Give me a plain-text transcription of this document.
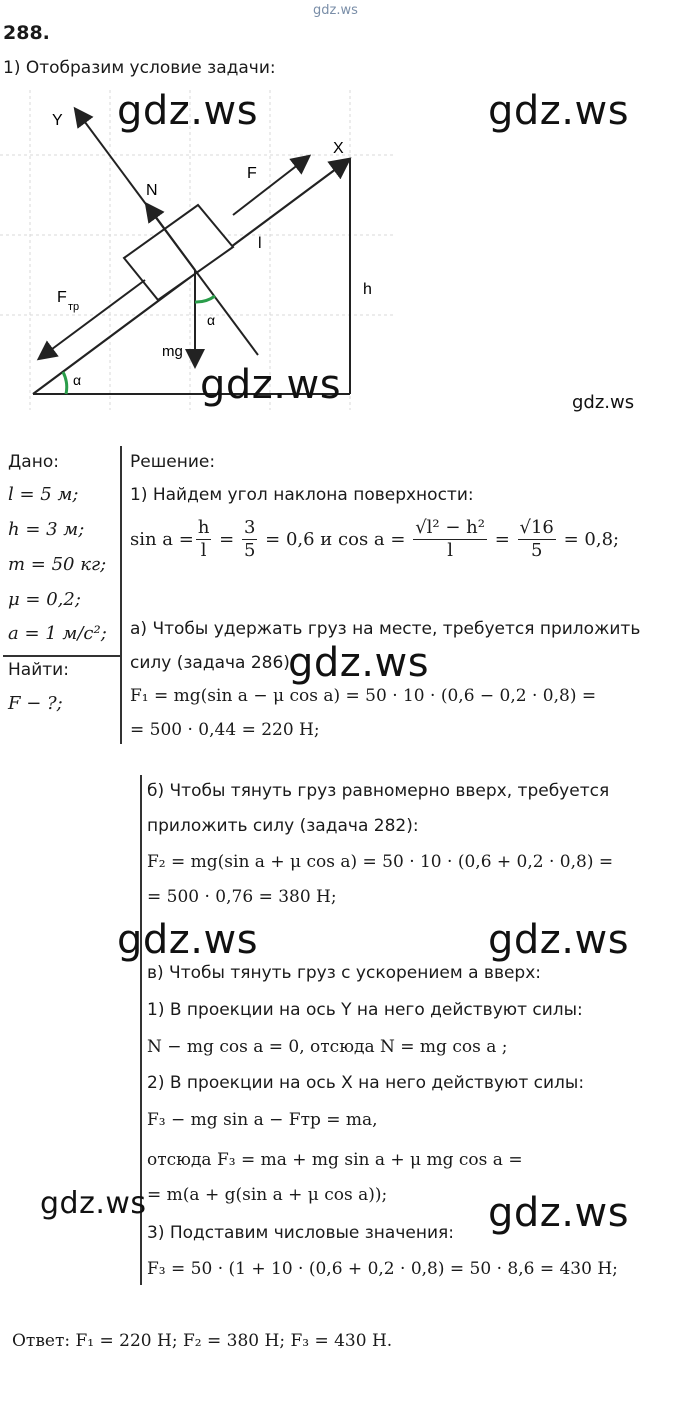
gdz.ws
288.
1) Отобразим условие задачи:
Y
X
N
F
l
h
F
тр
mg
α
α
gdz.ws	gdz.ws
gdz.ws	gdz.ws
Дано:
l = 5 м;
h = 3 м;
m = 50 кг;
μ = 0,2;
a = 1 м/с²;
Найти:
F − ?;
Решение:
1) Найдем угол наклона поверхности:
$\sin a = \frac{h}{l} = \frac{3}{5}$
= 0,6 и cos a =
$\frac{\text{√l² − h²}}{l} = \frac{√16}{5}$
= 0,8;
а) Чтобы удержать груз на месте, требуется приложить
силу (задача 286):
F₁ = mg(sin a − μ cos a) = 50 · 10 · (0,6 − 0,2 · 0,8) =
= 500 · 0,44 = 220 Н;
gdz.ws
б) Чтобы тянуть груз равномерно вверх, требуется
приложить силу (задача 282):
F₂ = mg(sin a + μ cos a) = 50 · 10 · (0,6 + 0,2 · 0,8) =
= 500 · 0,76 = 380 Н;
gdz.ws	gdz.ws
в) Чтобы тянуть груз с ускорением a вверх:
1) В проекции на ось Y на него действуют силы:
N − mg cos a = 0, отсюда N = mg cos a ;
2) В проекции на ось X на него действуют силы:
F₃ − mg sin a − Fтр = ma,
отсюда F₃ = ma + mg sin a + μ mg cos a =
= m(a + g(sin a + μ cos a));
3) Подставим числовые значения:
F₃ = 50 · (1 + 10 · (0,6 + 0,2 · 0,8) = 50 · 8,6 = 430 Н;
gdz.ws	gdz.ws
Ответ: F₁ = 220 Н; F₂ = 380 Н; F₃ = 430 Н.
